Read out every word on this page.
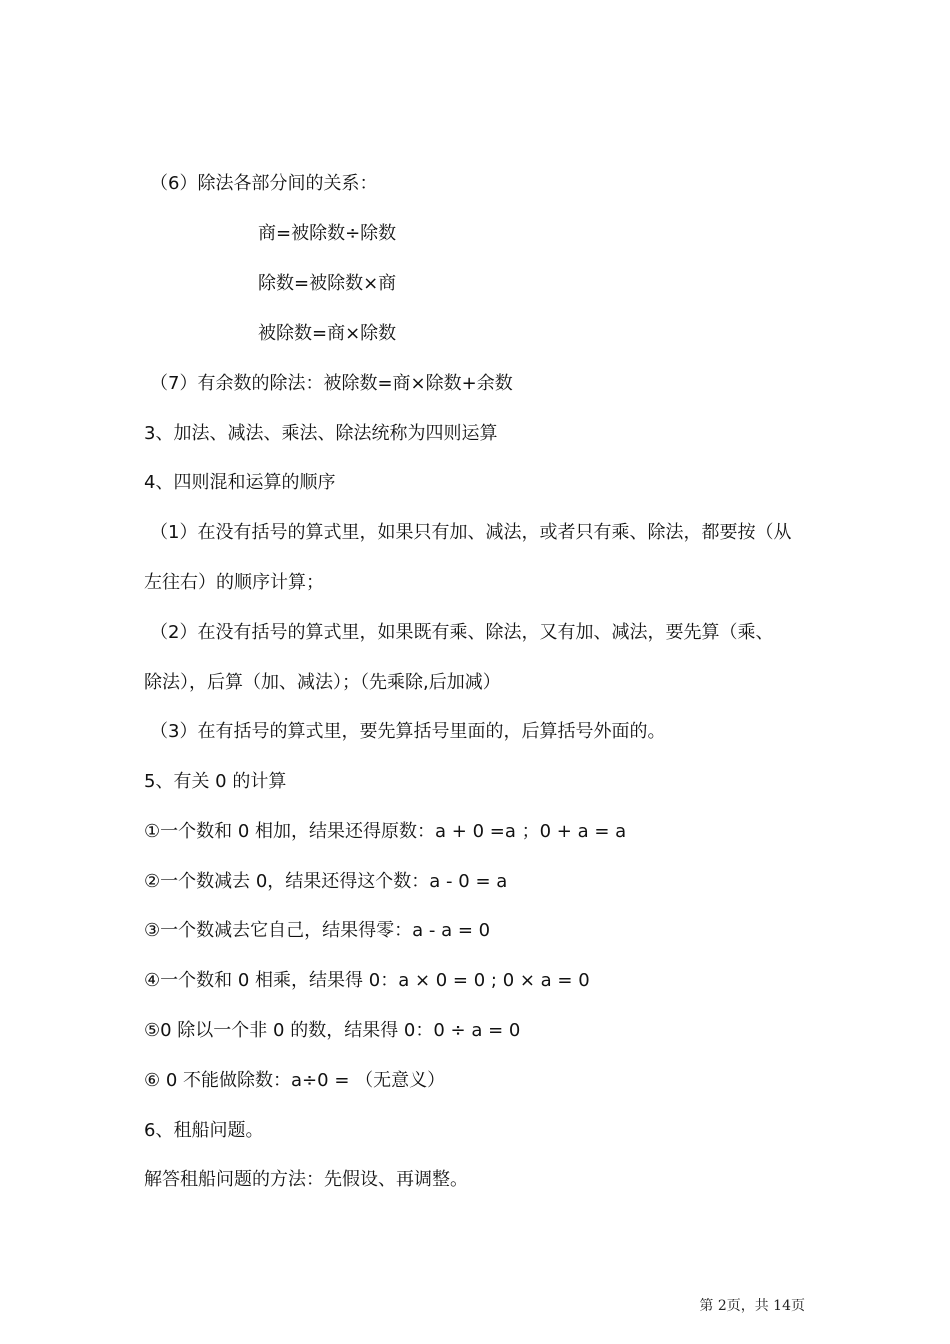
（6）除法各部分间的关系：
商=被除数÷除数
除数=被除数×商
被除数=商×除数
（7）有余数的除法：被除数=商×除数+余数
3、加法、减法、乘法、除法统称为四则运算
4、四则混和运算的顺序
（1）在没有括号的算式里，如果只有加、减法，或者只有乘、除法，都要按（从
左往右）的顺序计算；
（2）在没有括号的算式里，如果既有乘、除法，又有加、减法，要先算（乘、
除法），后算（加、减法）；（先乘除,后加减）
（3）在有括号的算式里，要先算括号里面的，后算括号外面的。
5、有关 0 的计算
①一个数和 0 相加，结果还得原数：a + 0 =a ；0 + a = a
②一个数减去 0，结果还得这个数：a - 0 = a
③一个数减去它自己，结果得零：a - a = 0
④一个数和 0 相乘，结果得 0：a × 0 = 0 ; 0 × a = 0
⑤0 除以一个非 0 的数，结果得 0：0 ÷ a = 0
⑥ 0 不能做除数：a÷0 = （无意义）
6、租船问题。
解答租船问题的方法：先假设、再调整。
第 2页，共 14页
